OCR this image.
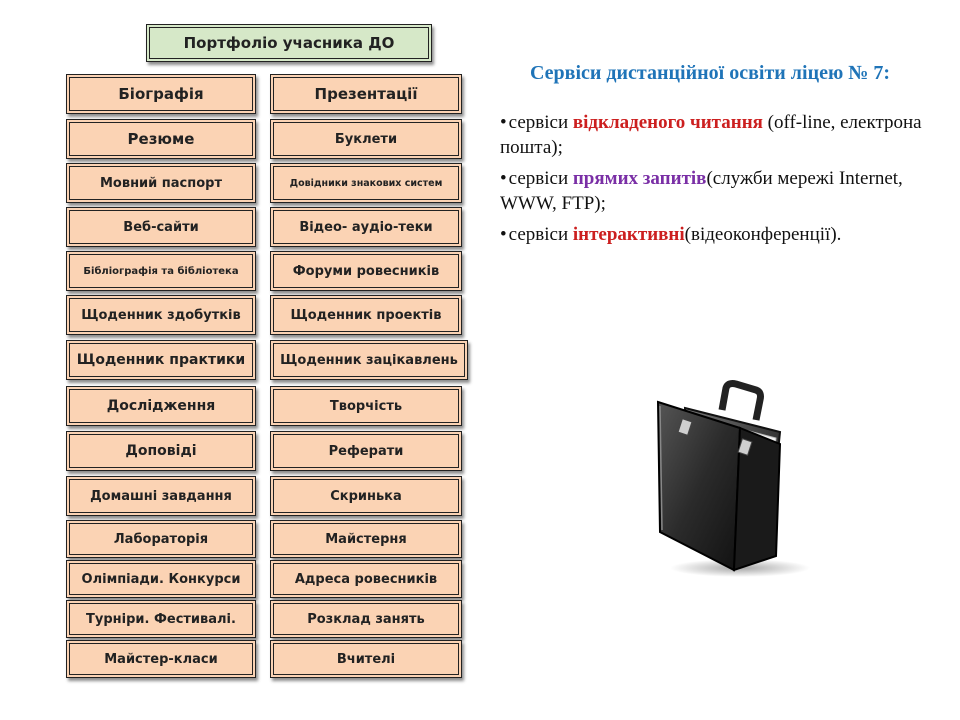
Портфоліо учасника ДО
Біографія
Резюме
Мовний паспорт
Веб-сайти
Бібліографія та бібліотека
Щоденник здобутків
Щоденник практики
Дослідження
Доповіді
Домашні завдання
Лабораторія
Олімпіади. Конкурси
Турніри. Фестивалі.
Майстер-класи
Презентації
Буклети
Довідники знакових систем
Відео- аудіо-теки
Форуми ровесників
Щоденник проектів
Щоденник зацікавлень
Творчість
Реферати
Скринька
Майстерня
Адреса ровесників
Розклад занять
Вчителі
Сервіси дистанційної освіти ліцею № 7:
• сервіси відкладеного читання (off-line, електрона пошта);
• сервіси прямих запитів(служби мережі Internet, WWW, FTP);
• сервіси інтерактивні(відеоконференції).
